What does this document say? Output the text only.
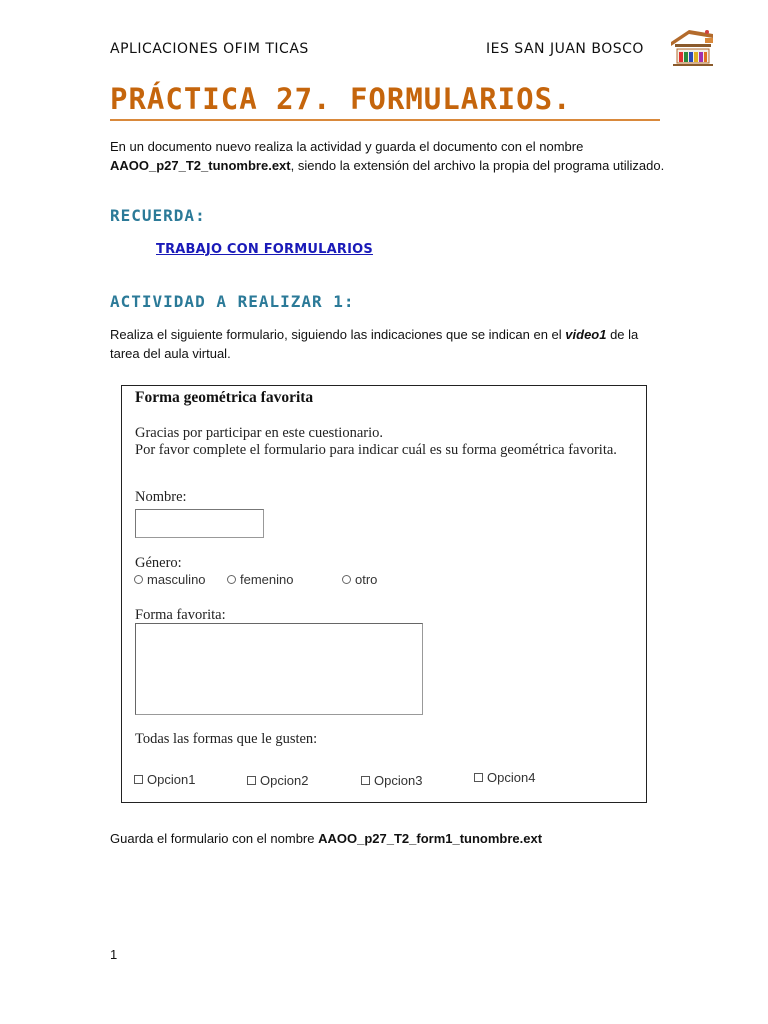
APLICACIONES OFIM TICAS	IES SAN JUAN BOSCO
PRÁCTICA 27. FORMULARIOS.
En un documento nuevo realiza la actividad y guarda el documento con el nombre AAOO_p27_T2_tunombre.ext, siendo la extensión del archivo la propia del programa utilizado.
RECUERDA:
TRABAJO CON FORMULARIOS
ACTIVIDAD A REALIZAR 1:
Realiza el siguiente formulario, siguiendo las indicaciones que se indican en el video1 de la tarea del aula virtual.
Forma geométrica favorita
Gracias por participar en este cuestionario.
Por favor complete el formulario para indicar cuál es su forma geométrica favorita.
Nombre:
Género:
masculino	femenino	otro
Forma favorita:
Todas las formas que le gusten:
Opcion1	Opcion2	Opcion3	Opcion4
Guarda el formulario con el nombre AAOO_p27_T2_form1_tunombre.ext
1
